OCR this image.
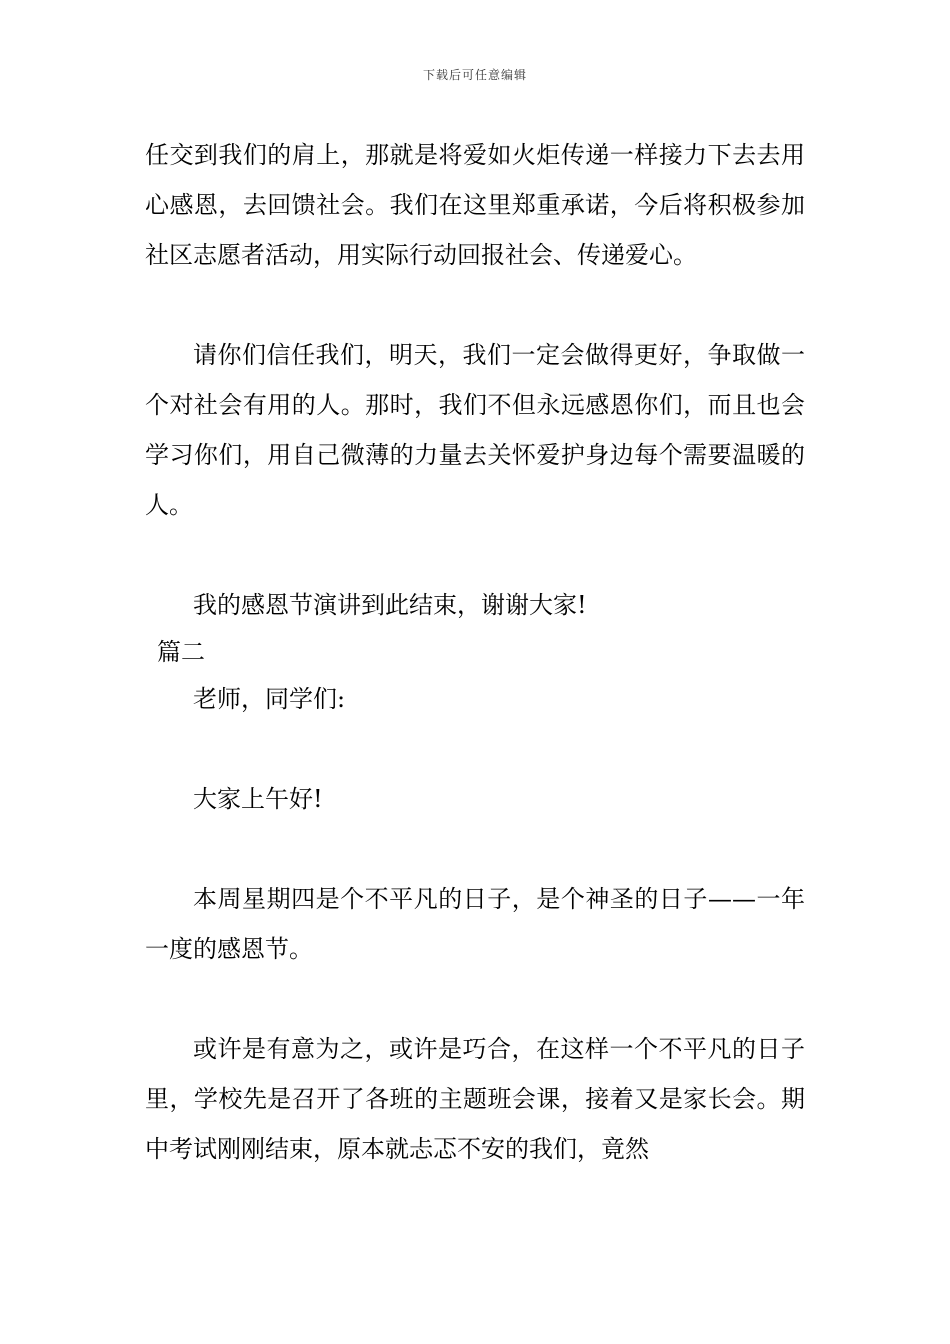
下载后可任意编辑

任交到我们的肩上，那就是将爱如火炬传递一样接力下去去用心感恩，去回馈社会。我们在这里郑重承诺，今后将积极参加社区志愿者活动，用实际行动回报社会、传递爱心。

请你们信任我们，明天，我们一定会做得更好，争取做一个对社会有用的人。那时，我们不但永远感恩你们，而且也会学习你们，用自己微薄的力量去关怀爱护身边每个需要温暖的人。

我的感恩节演讲到此结束，谢谢大家!

篇二

老师，同学们:

大家上午好!

本周星期四是个不平凡的日子，是个神圣的日子——一年一度的感恩节。

或许是有意为之，或许是巧合，在这样一个不平凡的日子里，学校先是召开了各班的主题班会课，接着又是家长会。期中考试刚刚结束，原本就忐忑不安的我们，竟然
